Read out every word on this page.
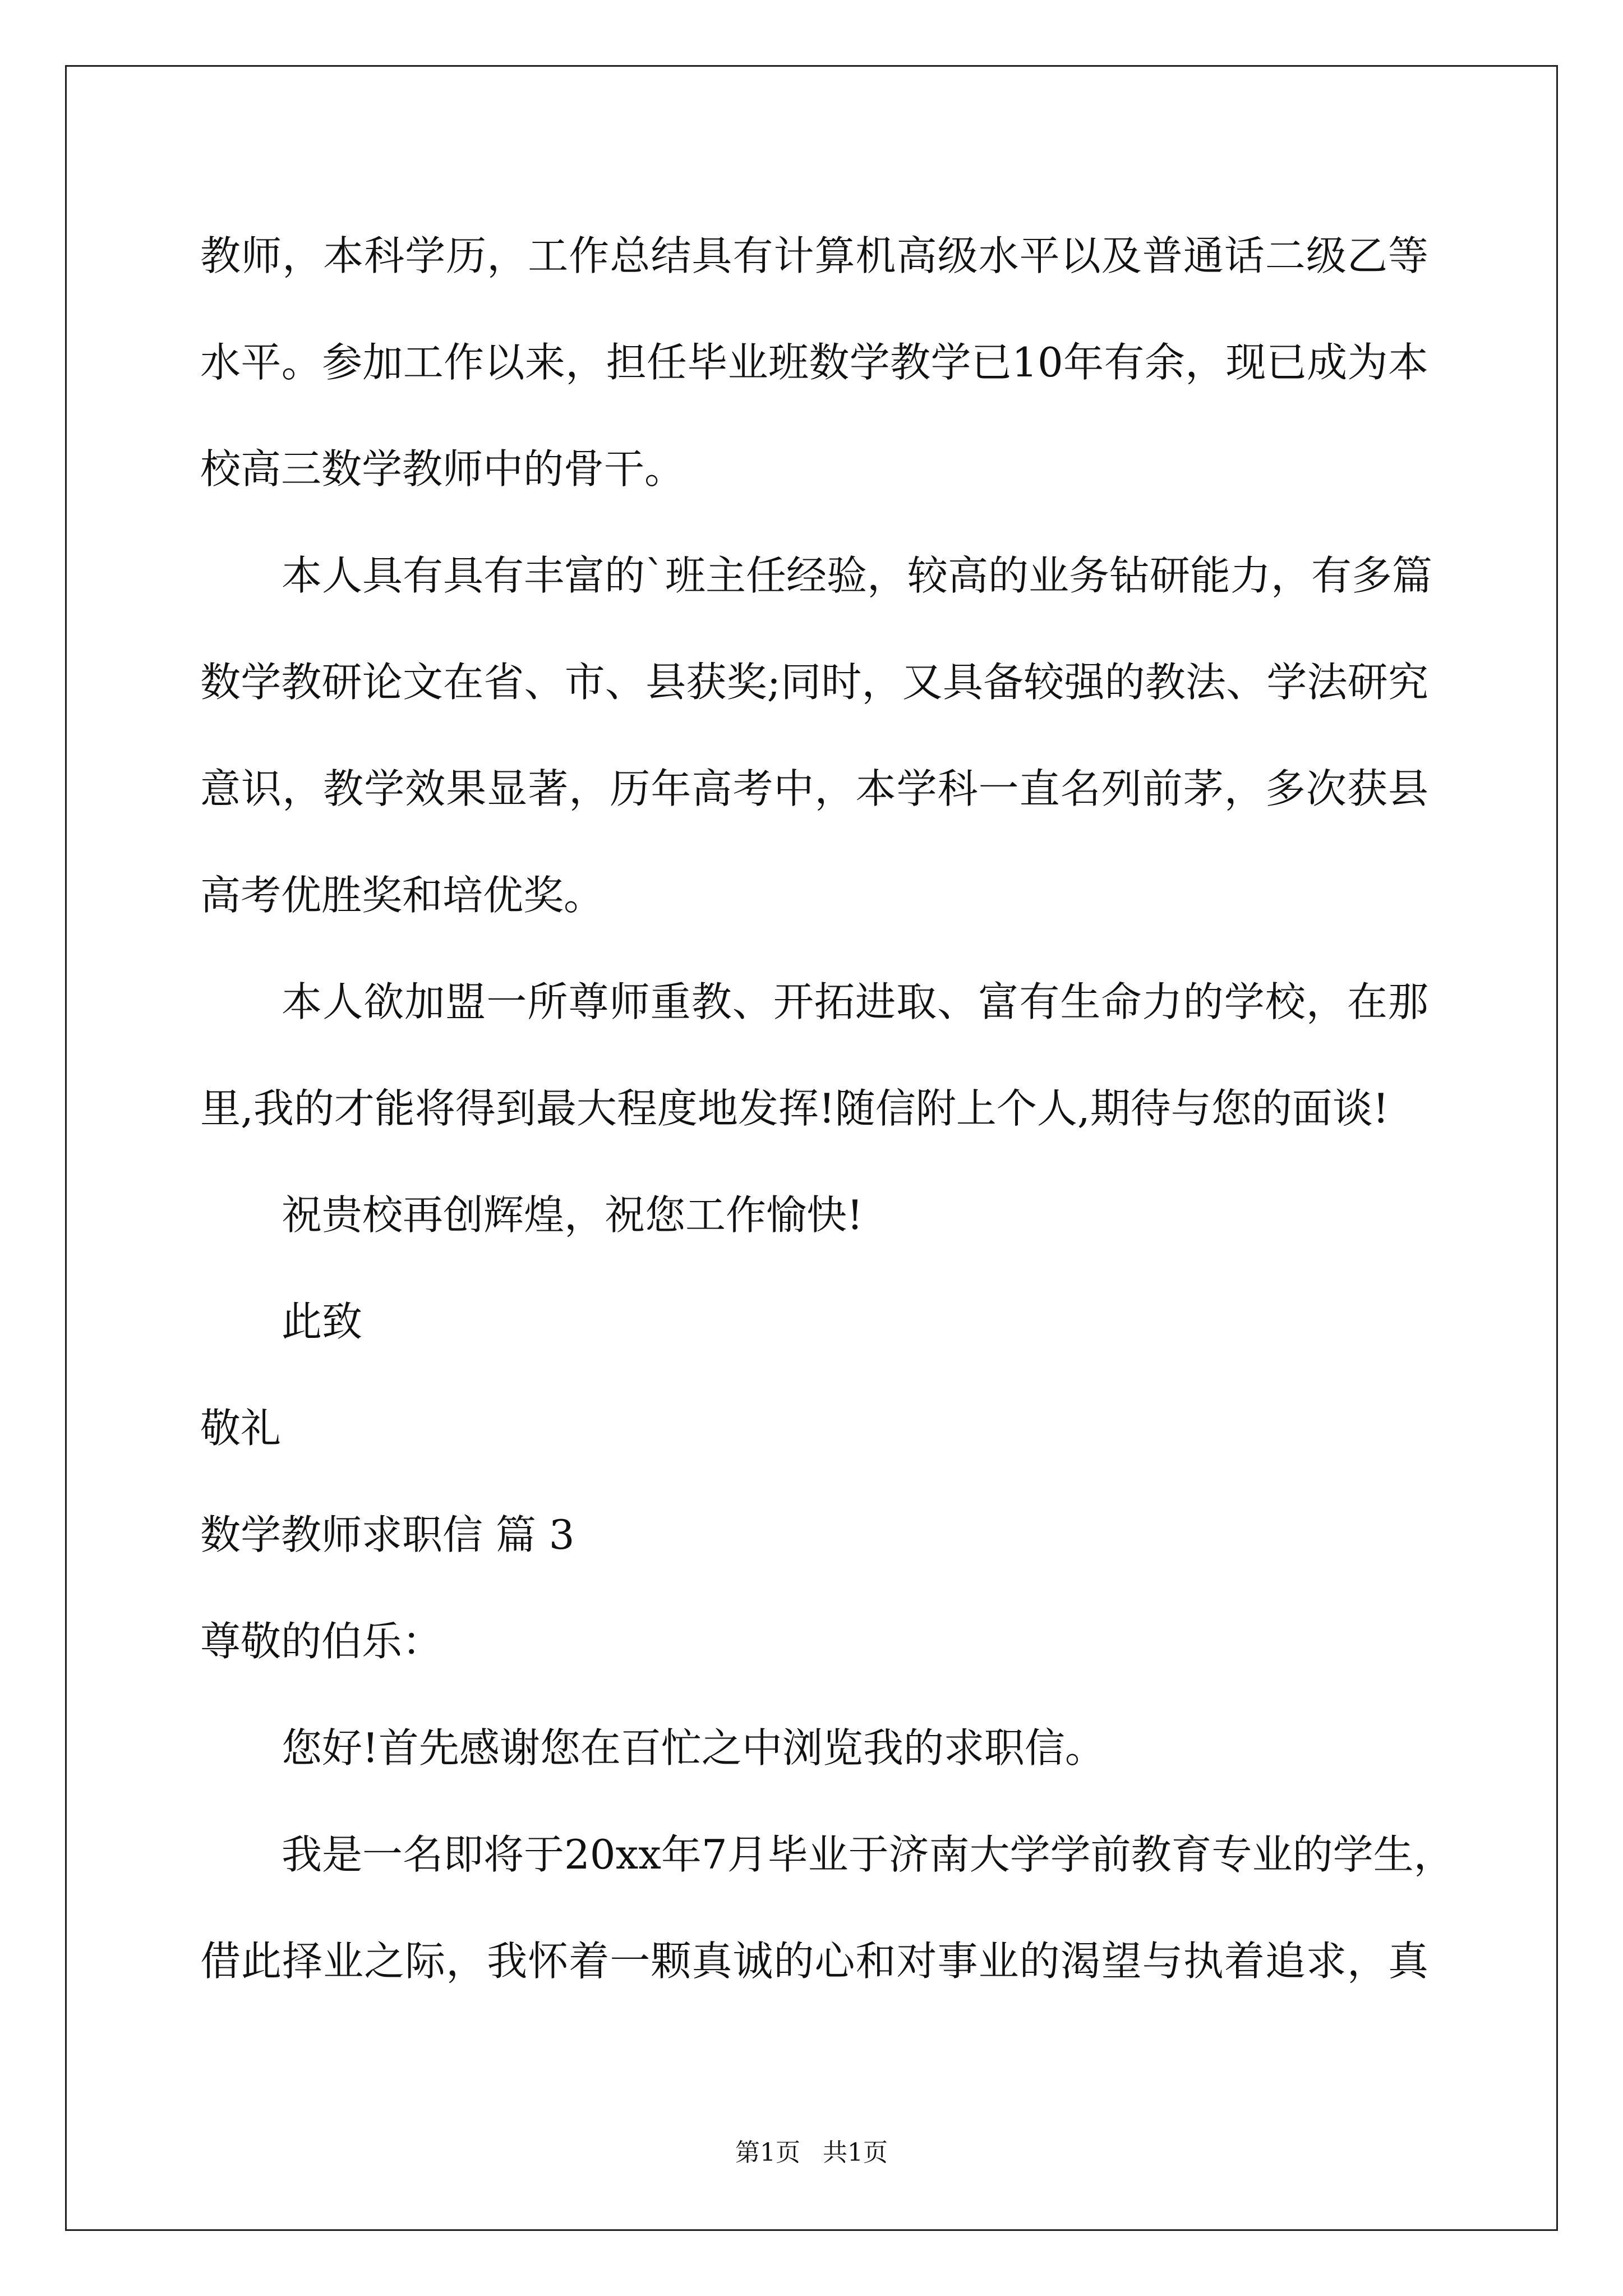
教师，本科学历，工作总结具有计算机高级水平以及普通话二级乙等
水平。参加工作以来，担任毕业班数学教学已10年有余，现已成为本
校高三数学教师中的骨干。
本人具有具有丰富的`班主任经验，较高的业务钻研能力，有多篇
数学教研论文在省、市、县获奖;同时，又具备较强的教法、学法研究
意识，教学效果显著，历年高考中，本学科一直名列前茅，多次获县
高考优胜奖和培优奖。
本人欲加盟一所尊师重教、开拓进取、富有生命力的学校，在那
里,我的才能将得到最大程度地发挥!随信附上个人,期待与您的面谈!
祝贵校再创辉煌，祝您工作愉快!
此致
敬礼
数学教师求职信 篇 3
尊敬的伯乐：
您好!首先感谢您在百忙之中浏览我的求职信。
我是一名即将于20xx年7月毕业于济南大学学前教育专业的学生，
借此择业之际，我怀着一颗真诚的心和对事业的渴望与执着追求，真
第1页 共1页
